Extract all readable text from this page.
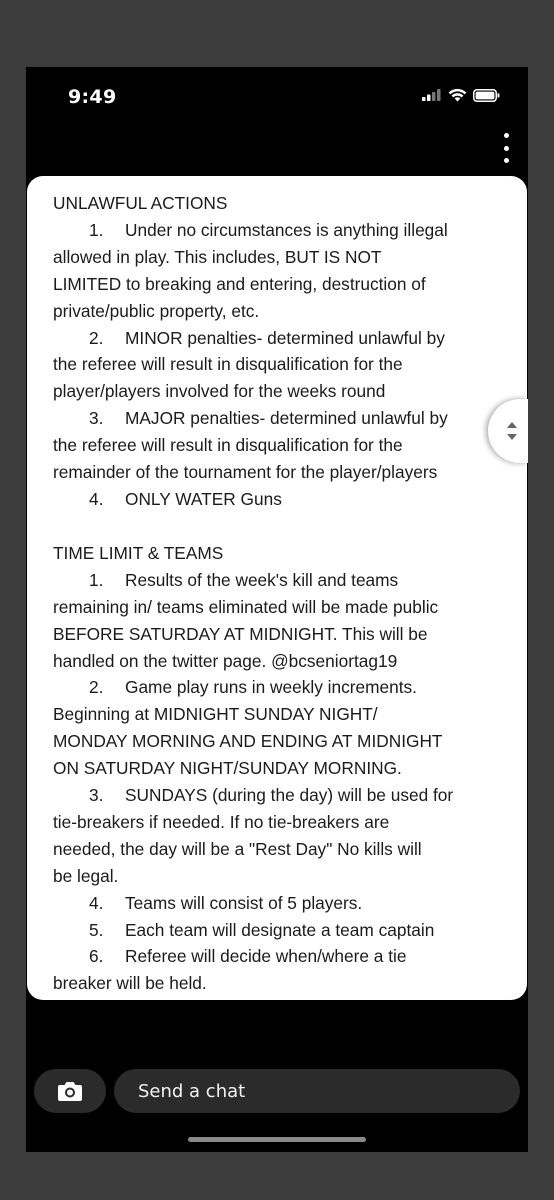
9:49
UNLAWFUL ACTIONS
1. Under no circumstances is anything illegal
allowed in play. This includes, BUT IS NOT
LIMITED to breaking and entering, destruction of
private/public property, etc.
2. MINOR penalties- determined unlawful by
the referee will result in disqualification for the
player/players involved for the weeks round
3. MAJOR penalties- determined unlawful by
the referee will result in disqualification for the
remainder of the tournament for the player/players
4. ONLY WATER Guns
TIME LIMIT & TEAMS
1. Results of the week's kill and teams
remaining in/ teams eliminated will be made public
BEFORE SATURDAY AT MIDNIGHT. This will be
handled on the twitter page. @bcseniortag19
2. Game play runs in weekly increments.
Beginning at MIDNIGHT SUNDAY NIGHT/
MONDAY MORNING AND ENDING AT MIDNIGHT
ON SATURDAY NIGHT/SUNDAY MORNING.
3. SUNDAYS (during the day) will be used for
tie-breakers if needed. If no tie-breakers are
needed, the day will be a "Rest Day" No kills will
be legal.
4. Teams will consist of 5 players.
5. Each team will designate a team captain
6. Referee will decide when/where a tie
breaker will be held.
Send a chat
